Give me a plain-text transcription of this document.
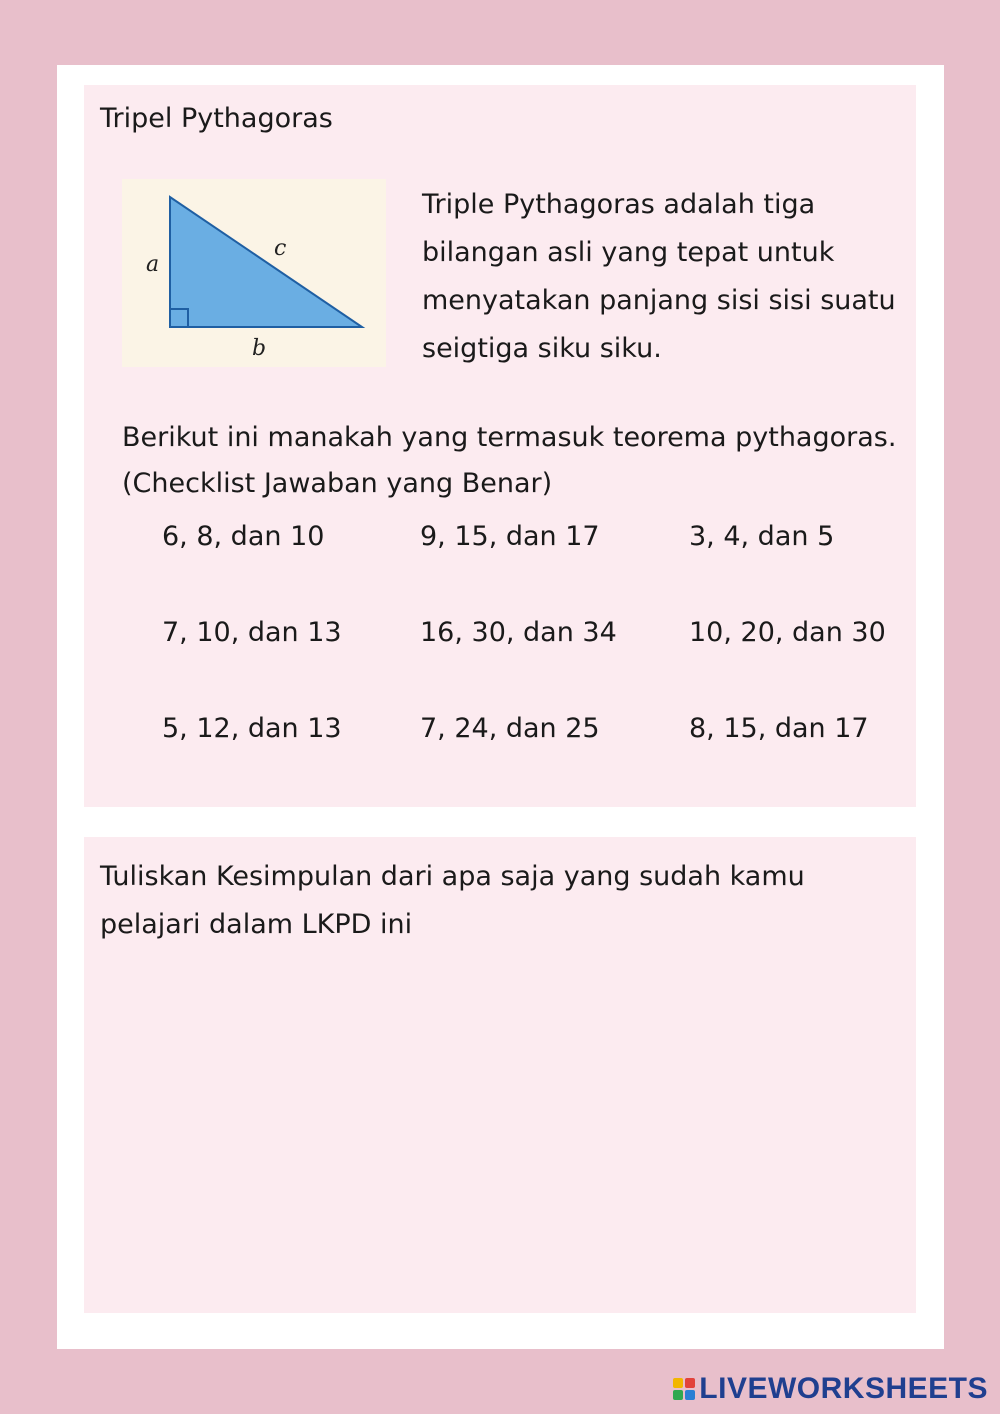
Tripel Pythagoras
a
b
c
Triple Pythagoras adalah tiga bilangan asli yang tepat untuk menyatakan panjang sisi sisi suatu seigtiga siku siku.
Berikut ini manakah yang termasuk teorema pythagoras.
(Checklist Jawaban yang Benar)
6, 8, dan 10	9, 15, dan 17	3, 4, dan 5
7, 10, dan 13	16, 30, dan 34	10, 20, dan 30
5, 12, dan 13	7, 24, dan 25	8, 15, dan 17
Tuliskan Kesimpulan dari apa saja yang sudah kamu pelajari dalam LKPD ini
LIVEWORKSHEETS
